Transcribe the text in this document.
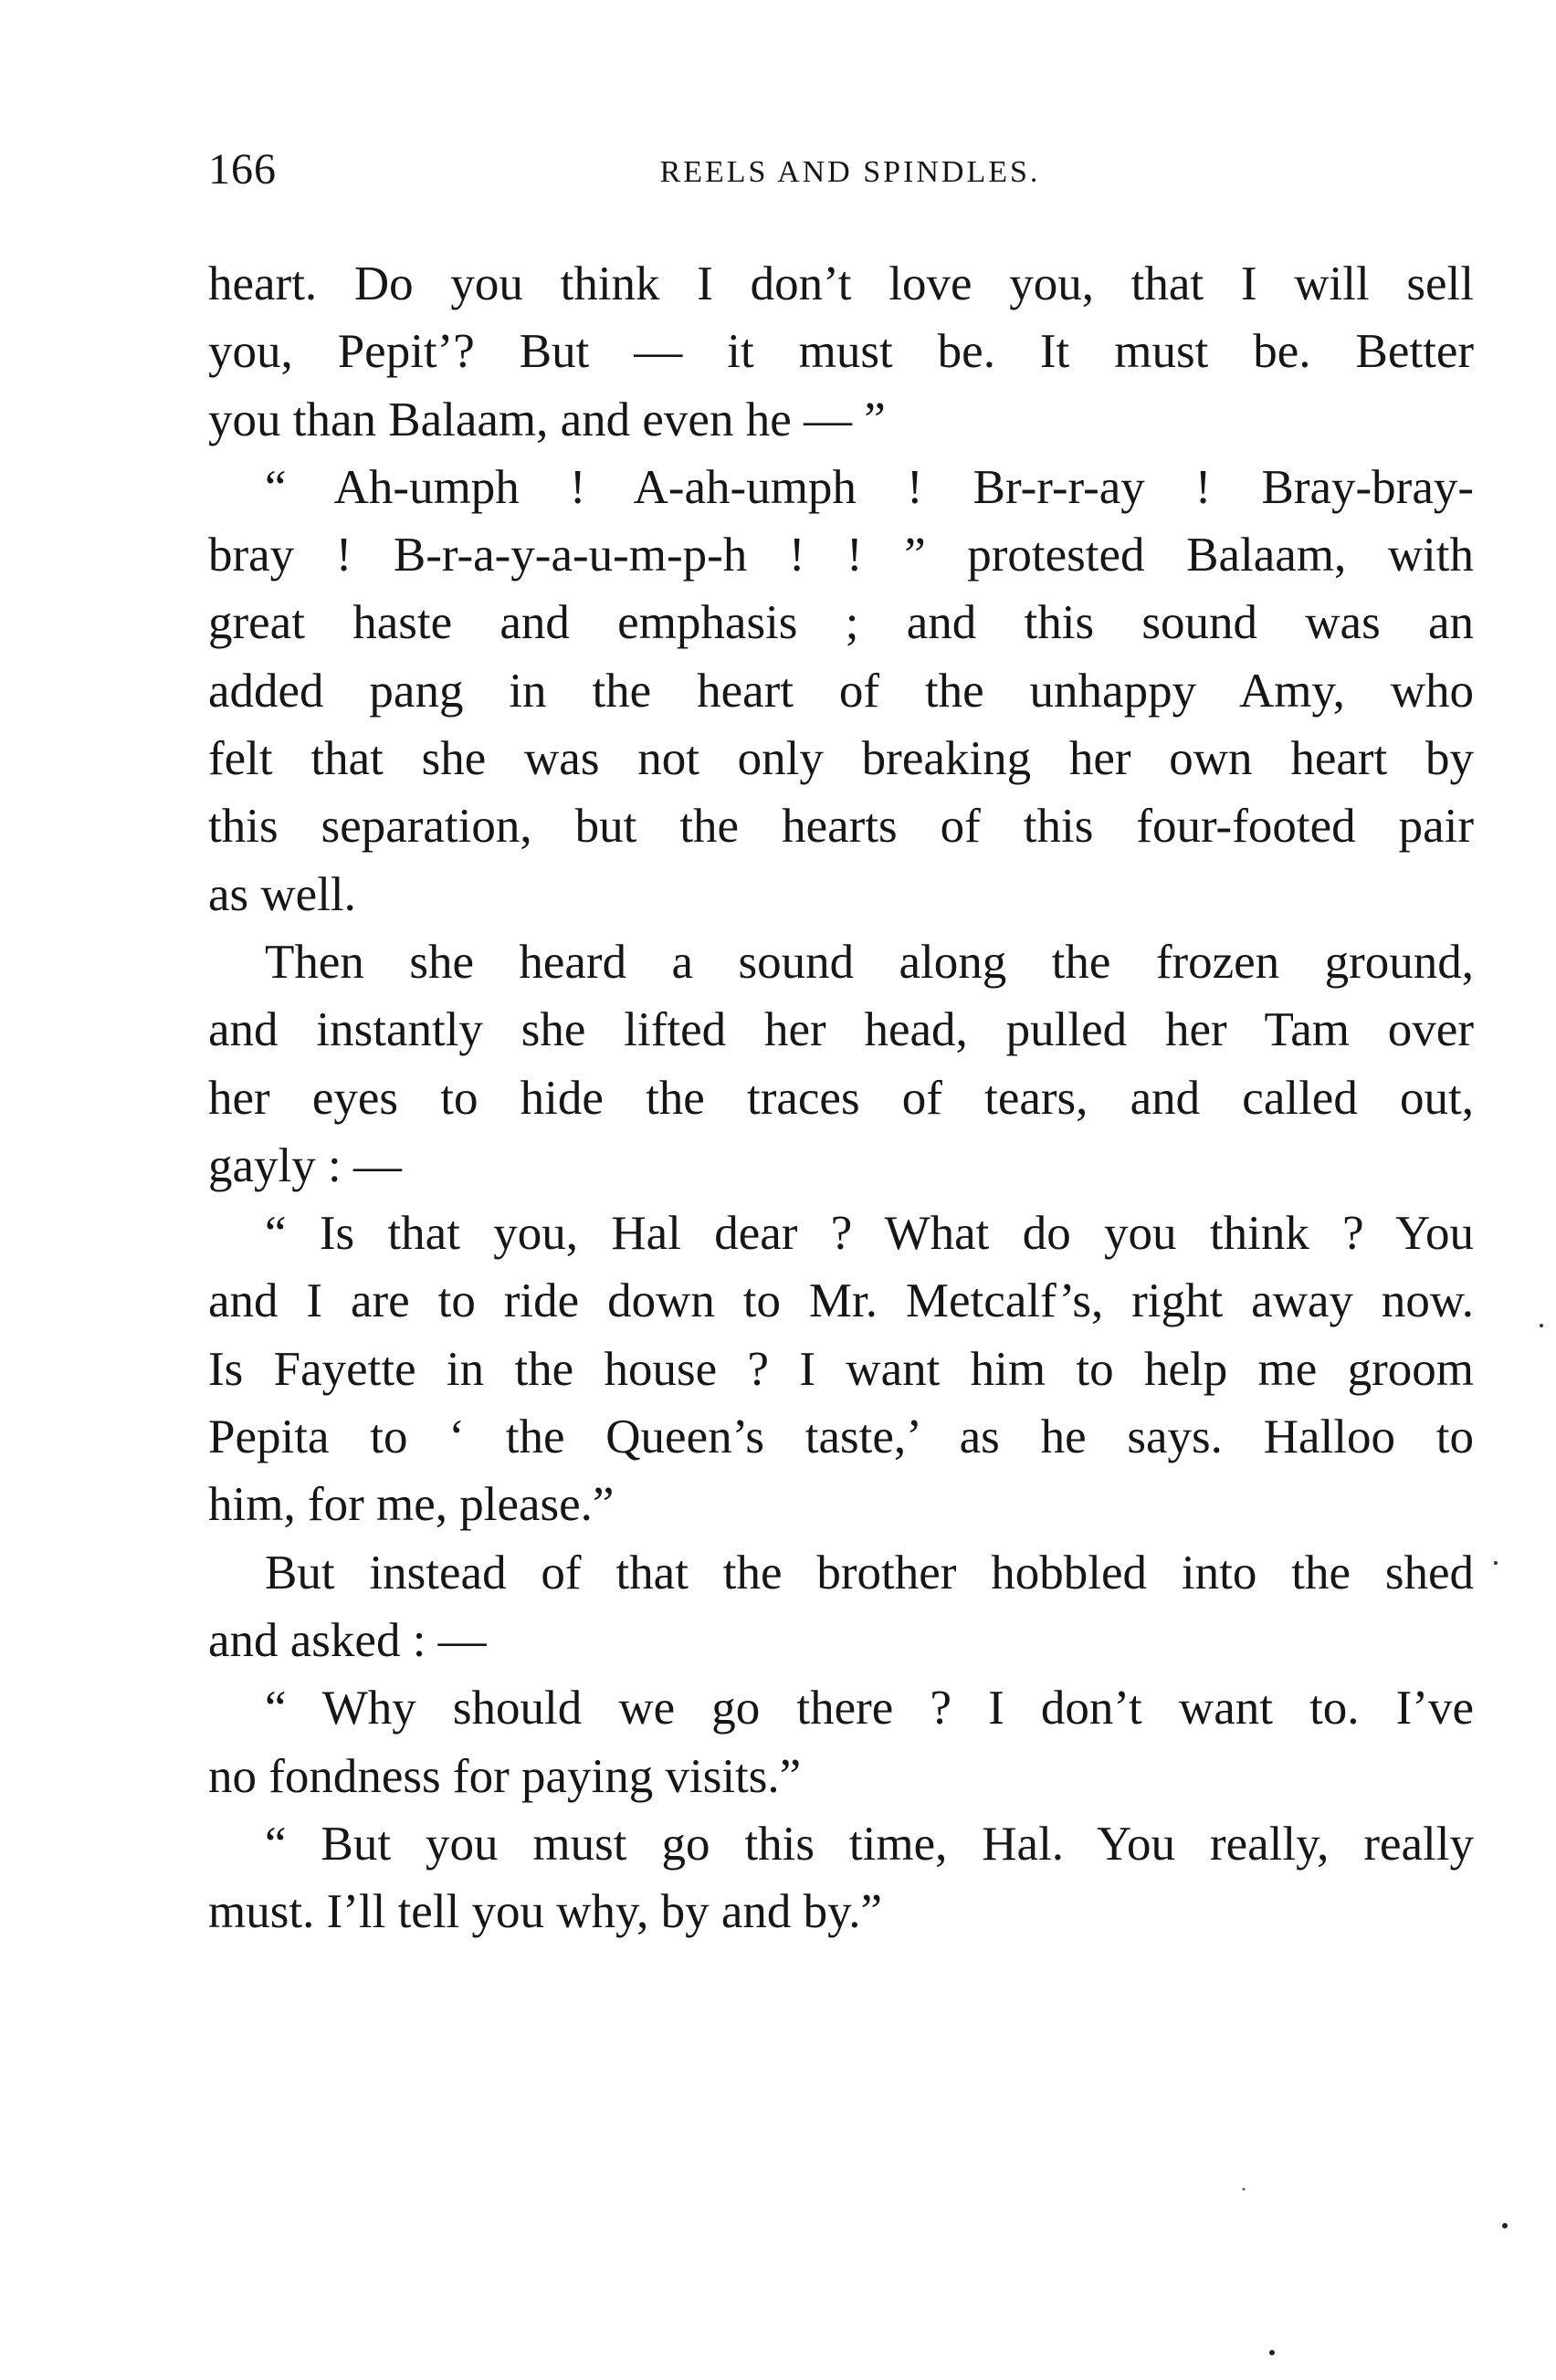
166	REELS AND SPINDLES.
heart. Do you think I don’t love you, that I will sell
you, Pepit’? But — it must be. It must be. Better
you than Balaam, and even he — ”
“ Ah-umph ! A-ah-umph ! Br-r-r-ay ! Bray-bray-
bray ! B-r-a-y-a-u-m-p-h ! ! ” protested Balaam, with
great haste and emphasis ; and this sound was an
added pang in the heart of the unhappy Amy, who
felt that she was not only breaking her own heart by
this separation, but the hearts of this four-footed pair
as well.
Then she heard a sound along the frozen ground,
and instantly she lifted her head, pulled her Tam over
her eyes to hide the traces of tears, and called out,
gayly : —
“ Is that you, Hal dear ? What do you think ? You
and I are to ride down to Mr. Metcalf’s, right away now.
Is Fayette in the house ? I want him to help me groom
Pepita to ‘ the Queen’s taste,’ as he says. Halloo to
him, for me, please.”
But instead of that the brother hobbled into the shed
and asked : —
“ Why should we go there ? I don’t want to. I’ve
no fondness for paying visits.”
“ But you must go this time, Hal. You really, really
must. I’ll tell you why, by and by.”
